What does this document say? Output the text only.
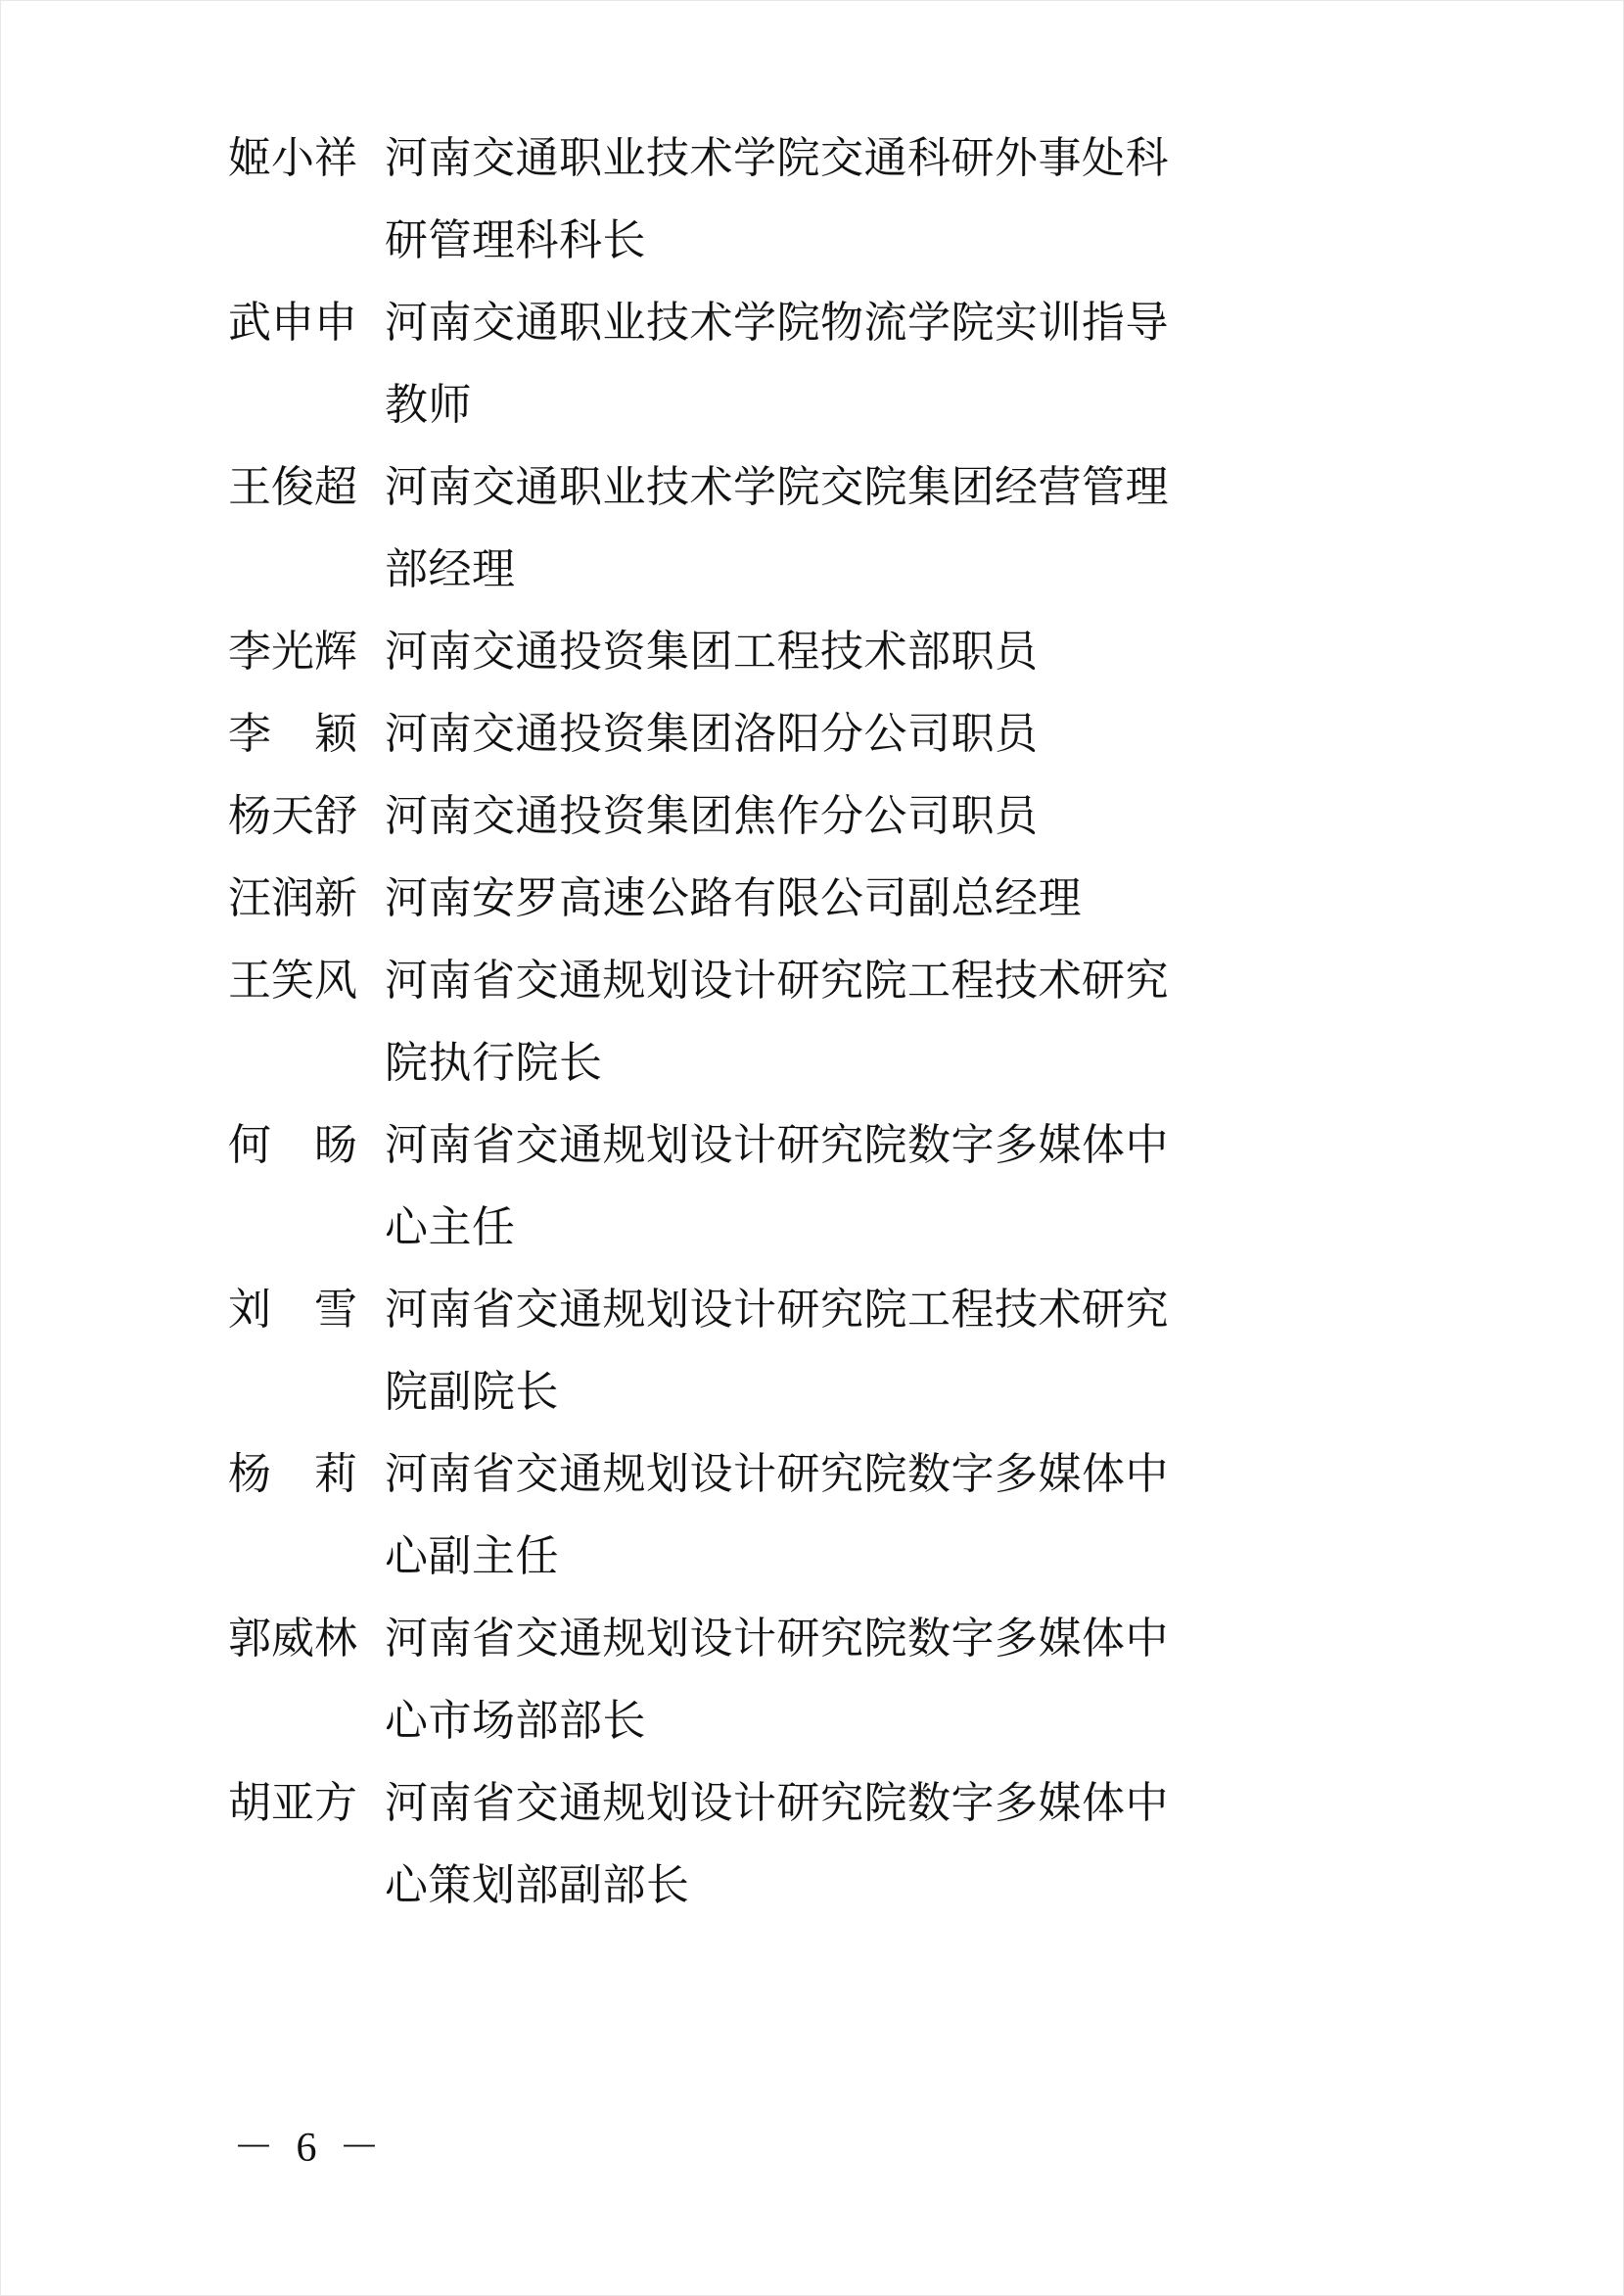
姬小祥 河南交通职业技术学院交通科研外事处科
研管理科科长
武申申 河南交通职业技术学院物流学院实训指导
教师
王俊超 河南交通职业技术学院交院集团经营管理
部经理
李光辉 河南交通投资集团工程技术部职员
李　颖 河南交通投资集团洛阳分公司职员
杨天舒 河南交通投资集团焦作分公司职员
汪润新 河南安罗高速公路有限公司副总经理
王笑风 河南省交通规划设计研究院工程技术研究
院执行院长
何　旸 河南省交通规划设计研究院数字多媒体中
心主任
刘　雪 河南省交通规划设计研究院工程技术研究
院副院长
杨　莉 河南省交通规划设计研究院数字多媒体中
心副主任
郭威林 河南省交通规划设计研究院数字多媒体中
心市场部部长
胡亚方 河南省交通规划设计研究院数字多媒体中
心策划部副部长
－ 6 －
